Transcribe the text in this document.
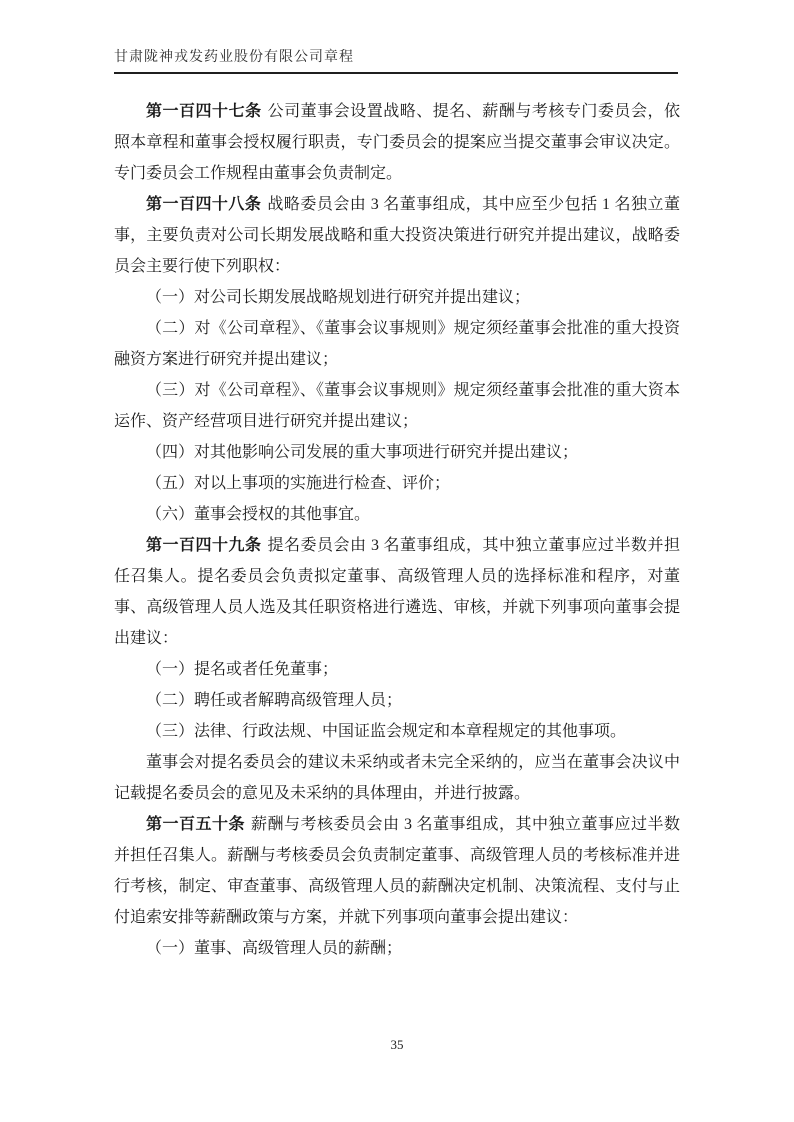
甘肃陇神戎发药业股份有限公司章程
第一百四十七条 公司董事会设置战略、提名、薪酬与考核专门委员会，依照本章程和董事会授权履行职责，专门委员会的提案应当提交董事会审议决定。专门委员会工作规程由董事会负责制定。
第一百四十八条 战略委员会由 3 名董事组成，其中应至少包括 1 名独立董事，主要负责对公司长期发展战略和重大投资决策进行研究并提出建议，战略委员会主要行使下列职权：
（一）对公司长期发展战略规划进行研究并提出建议；
（二）对《公司章程》、《董事会议事规则》规定须经董事会批准的重大投资融资方案进行研究并提出建议；
（三）对《公司章程》、《董事会议事规则》规定须经董事会批准的重大资本运作、资产经营项目进行研究并提出建议；
（四）对其他影响公司发展的重大事项进行研究并提出建议；
（五）对以上事项的实施进行检查、评价；
（六）董事会授权的其他事宜。
第一百四十九条 提名委员会由 3 名董事组成，其中独立董事应过半数并担任召集人。提名委员会负责拟定董事、高级管理人员的选择标准和程序，对董事、高级管理人员人选及其任职资格进行遴选、审核，并就下列事项向董事会提出建议：
（一）提名或者任免董事；
（二）聘任或者解聘高级管理人员；
（三）法律、行政法规、中国证监会规定和本章程规定的其他事项。
董事会对提名委员会的建议未采纳或者未完全采纳的，应当在董事会决议中记载提名委员会的意见及未采纳的具体理由，并进行披露。
第一百五十条 薪酬与考核委员会由 3 名董事组成，其中独立董事应过半数并担任召集人。薪酬与考核委员会负责制定董事、高级管理人员的考核标准并进行考核，制定、审查董事、高级管理人员的薪酬决定机制、决策流程、支付与止付追索安排等薪酬政策与方案，并就下列事项向董事会提出建议：
（一）董事、高级管理人员的薪酬；
35
